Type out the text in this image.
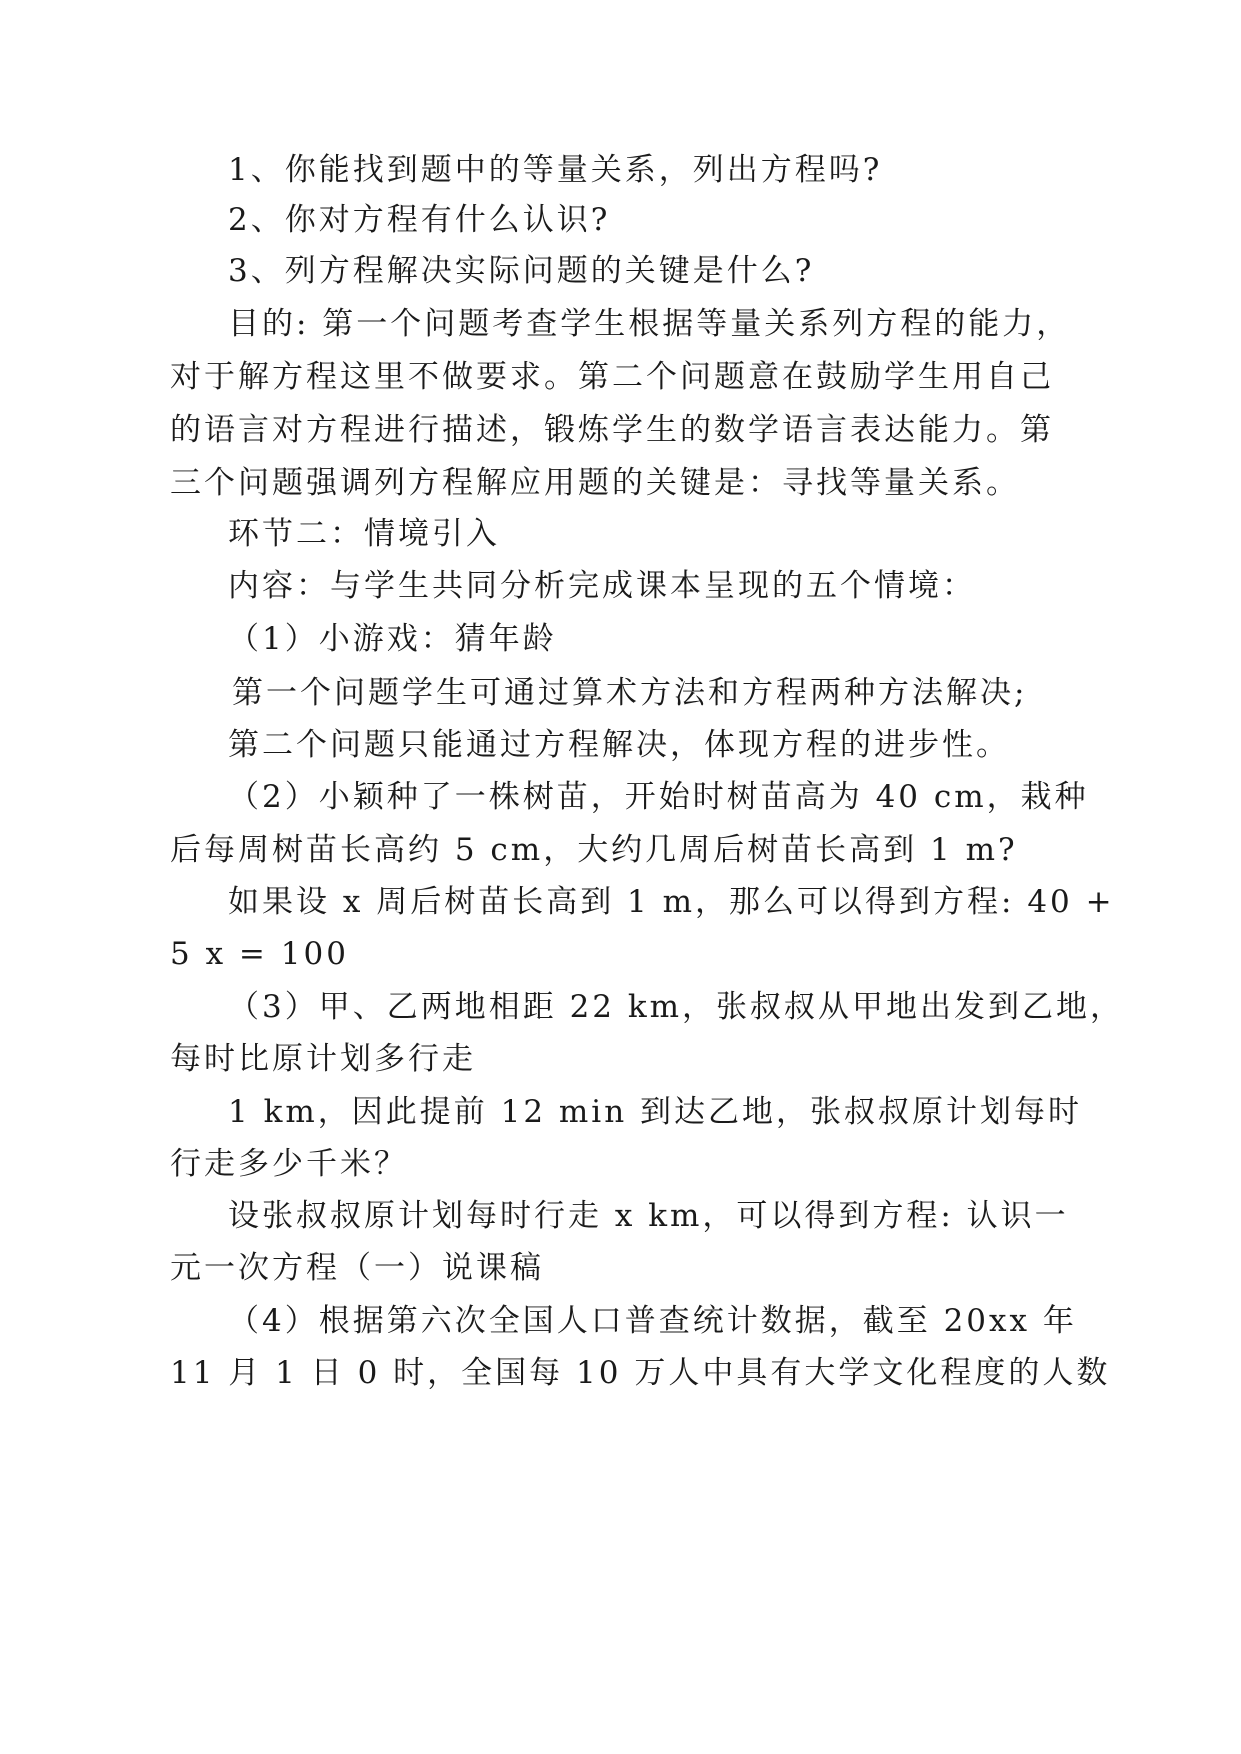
1、你能找到题中的等量关系，列出方程吗?
2、你对方程有什么认识?
3、列方程解决实际问题的关键是什么?
目的: 第一个问题考查学生根据等量关系列方程的能力，
对于解方程这里不做要求。第二个问题意在鼓励学生用自己
的语言对方程进行描述，锻炼学生的数学语言表达能力。第
三个问题强调列方程解应用题的关键是：寻找等量关系。
环节二：情境引入
内容：与学生共同分析完成课本呈现的五个情境：
（1）小游戏：猜年龄
第一个问题学生可通过算术方法和方程两种方法解决;
第二个问题只能通过方程解决，体现方程的进步性。
（2）小颖种了一株树苗，开始时树苗高为 40 cm，栽种
后每周树苗长高约 5 cm，大约几周后树苗长高到 1 m?
如果设 x 周后树苗长高到 1 m，那么可以得到方程: 40 +
5 x = 100
（3）甲、乙两地相距 22 km，张叔叔从甲地出发到乙地，
每时比原计划多行走
1 km，因此提前 12 min 到达乙地，张叔叔原计划每时
行走多少千米？
设张叔叔原计划每时行走 x km，可以得到方程: 认识一
元一次方程（一）说课稿
（4）根据第六次全国人口普查统计数据，截至 20xx 年
11 月 1 日 0 时，全国每 10 万人中具有大学文化程度的人数
